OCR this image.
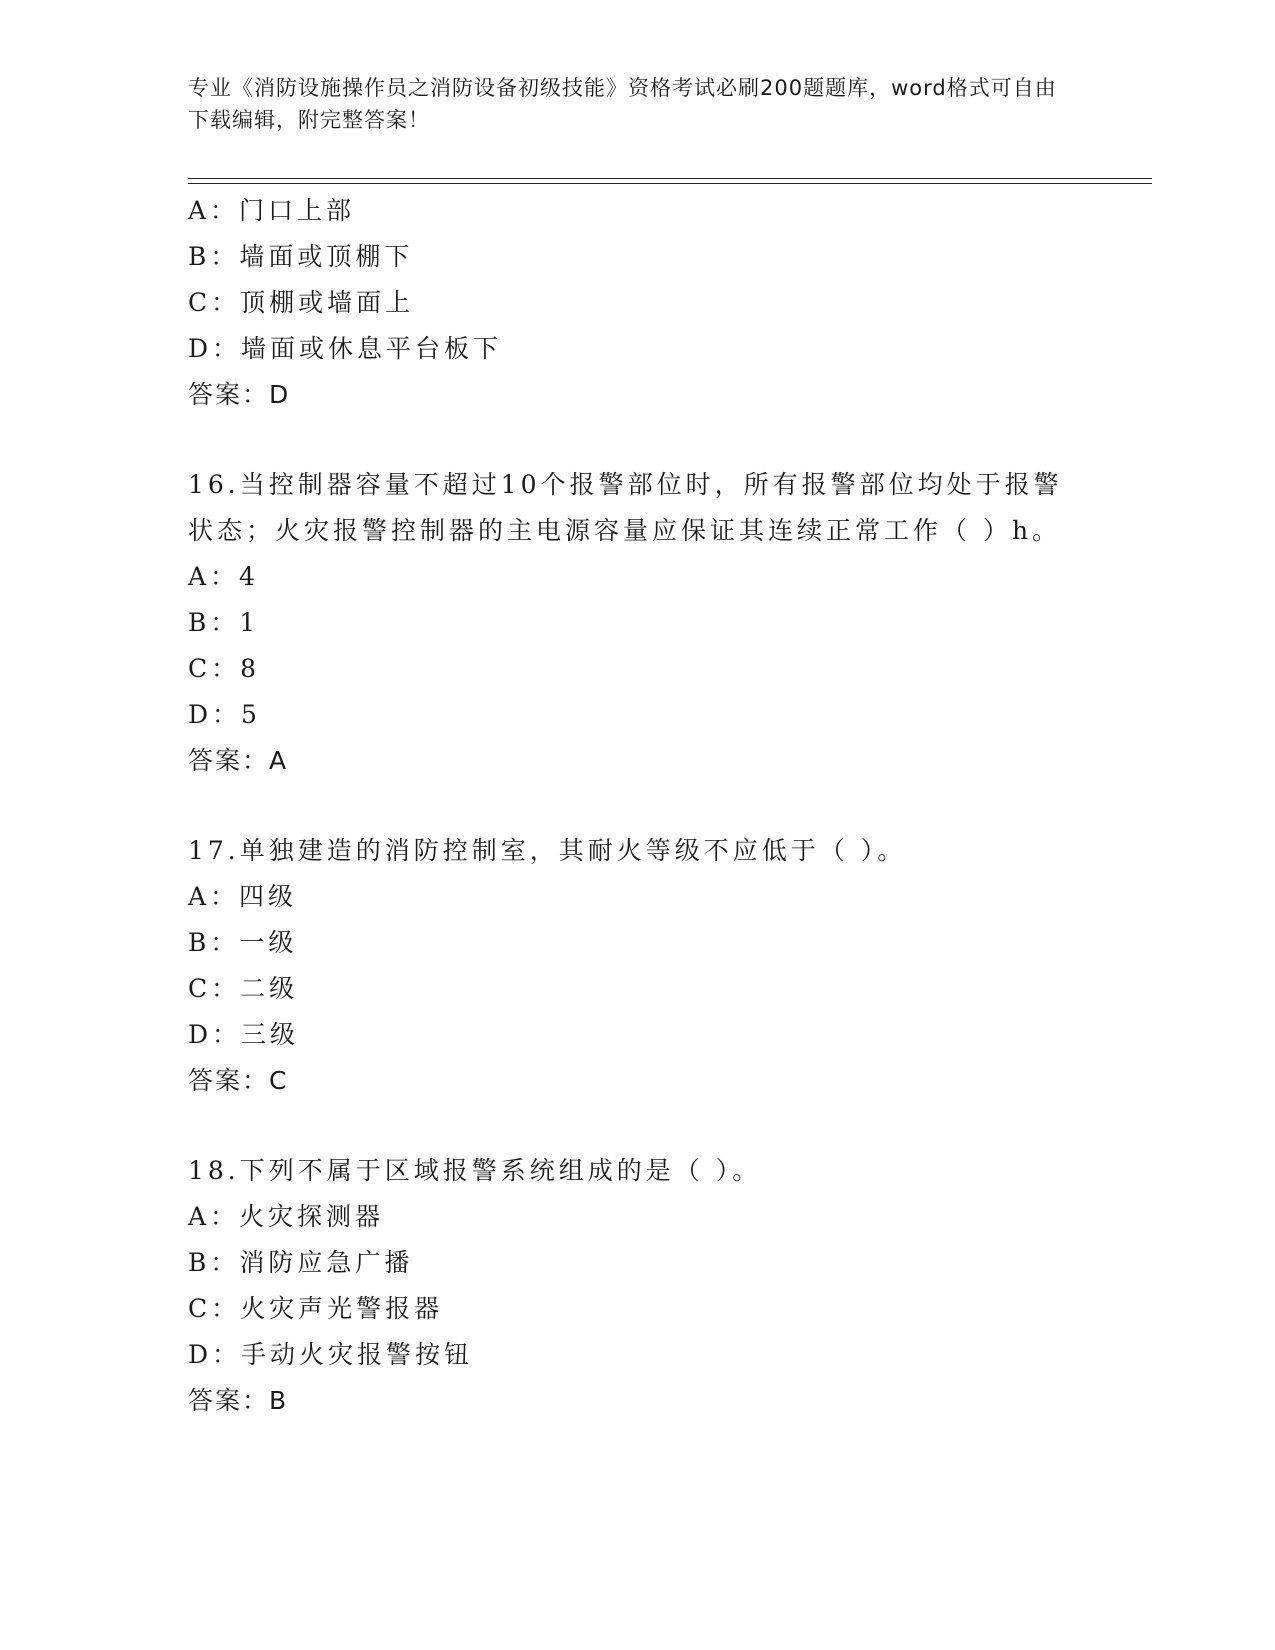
专业《消防设施操作员之消防设备初级技能》资格考试必刷200题题库，word格式可自由下载编辑，附完整答案！
A：门口上部
B：墙面或顶棚下
C：顶棚或墙面上
D：墙面或休息平台板下
答案：D
16.当控制器容量不超过10个报警部位时，所有报警部位均处于报警
状态；火灾报警控制器的主电源容量应保证其连续正常工作（ ）h。
A：4
B：1
C：8
D：5
答案：A
17.单独建造的消防控制室，其耐火等级不应低于（ ）。
A：四级
B：一级
C：二级
D：三级
答案：C
18.下列不属于区域报警系统组成的是（ ）。
A：火灾探测器
B：消防应急广播
C：火灾声光警报器
D：手动火灾报警按钮
答案：B
